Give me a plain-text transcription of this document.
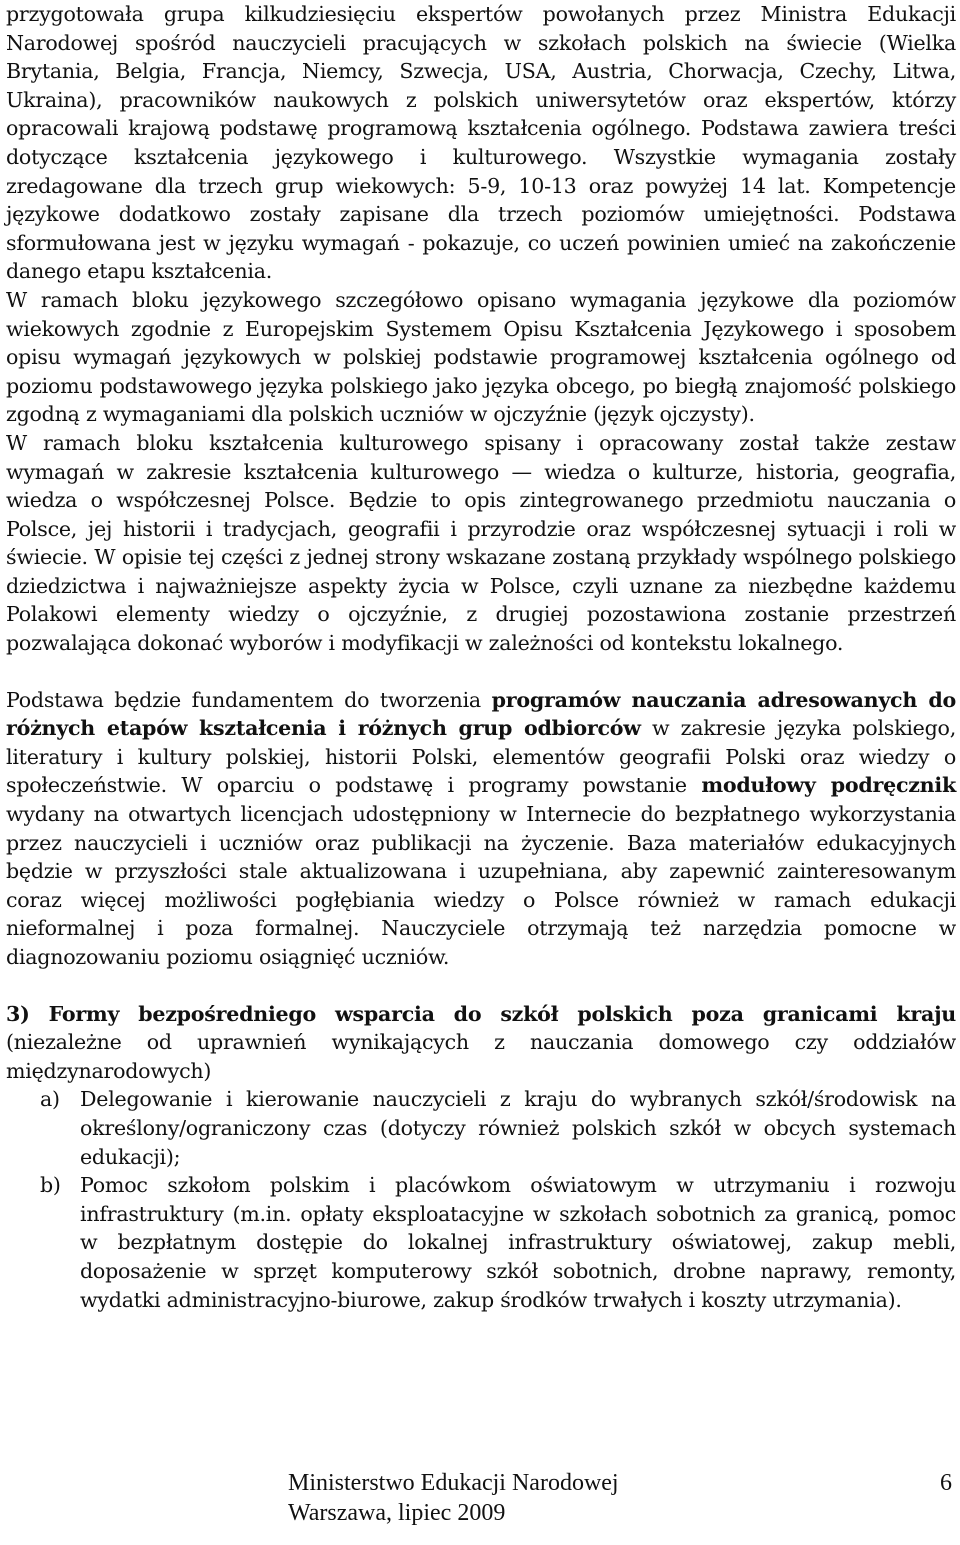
przygotowała grupa kilkudziesięciu ekspertów powołanych przez Ministra Edukacji Narodowej spośród nauczycieli pracujących w szkołach polskich na świecie (Wielka Brytania, Belgia, Francja, Niemcy, Szwecja, USA, Austria, Chorwacja, Czechy, Litwa, Ukraina), pracowników naukowych z polskich uniwersytetów oraz ekspertów, którzy opracowali krajową podstawę programową kształcenia ogólnego. Podstawa zawiera treści dotyczące kształcenia językowego i kulturowego. Wszystkie wymagania zostały zredagowane dla trzech grup wiekowych: 5-9, 10-13 oraz powyżej 14 lat. Kompetencje językowe dodatkowo zostały zapisane dla trzech poziomów umiejętności. Podstawa sformułowana jest w języku wymagań - pokazuje, co uczeń powinien umieć na zakończenie danego etapu kształcenia.

W ramach bloku językowego szczegółowo opisano wymagania językowe dla poziomów wiekowych zgodnie z Europejskim Systemem Opisu Kształcenia Językowego i sposobem opisu wymagań językowych w polskiej podstawie programowej kształcenia ogólnego od poziomu podstawowego języka polskiego jako języka obcego, po biegłą znajomość polskiego zgodną z wymaganiami dla polskich uczniów w ojczyźnie (język ojczysty).

W ramach bloku kształcenia kulturowego spisany i opracowany został także zestaw wymagań w zakresie kształcenia kulturowego — wiedza o kulturze, historia, geografia, wiedza o współczesnej Polsce. Będzie to opis zintegrowanego przedmiotu nauczania o Polsce, jej historii i tradycjach, geografii i przyrodzie oraz współczesnej sytuacji i roli w świecie. W opisie tej części z jednej strony wskazane zostaną przykłady wspólnego polskiego dziedzictwa i najważniejsze aspekty życia w Polsce, czyli uznane za niezbędne każdemu Polakowi elementy wiedzy o ojczyźnie, z drugiej pozostawiona zostanie przestrzeń pozwalająca dokonać wyborów i modyfikacji w zależności od kontekstu lokalnego.

Podstawa będzie fundamentem do tworzenia programów nauczania adresowanych do różnych etapów kształcenia i różnych grup odbiorców w zakresie języka polskiego, literatury i kultury polskiej, historii Polski, elementów geografii Polski oraz wiedzy o społeczeństwie. W oparciu o podstawę i programy powstanie modułowy podręcznik wydany na otwartych licencjach udostępniony w Internecie do bezpłatnego wykorzystania przez nauczycieli i uczniów oraz publikacji na życzenie. Baza materiałów edukacyjnych będzie w przyszłości stale aktualizowana i uzupełniana, aby zapewnić zainteresowanym coraz więcej możliwości pogłębiania wiedzy o Polsce również w ramach edukacji nieformalnej i poza formalnej. Nauczyciele otrzymają też narzędzia pomocne w diagnozowaniu poziomu osiągnięć uczniów.

3) Formy bezpośredniego wsparcia do szkół polskich poza granicami kraju (niezależne od uprawnień wynikających z nauczania domowego czy oddziałów międzynarodowych)

a) Delegowanie i kierowanie nauczycieli z kraju do wybranych szkół/środowisk na określony/ograniczony czas (dotyczy również polskich szkół w obcych systemach edukacji);
b) Pomoc szkołom polskim i placówkom oświatowym w utrzymaniu i rozwoju infrastruktury (m.in. opłaty eksploatacyjne w szkołach sobotnich za granicą, pomoc w bezpłatnym dostępie do lokalnej infrastruktury oświatowej, zakup mebli, doposażenie w sprzęt komputerowy szkół sobotnich, drobne naprawy, remonty, wydatki administracyjno-biurowe, zakup środków trwałych i koszty utrzymania).
Ministerstwo Edukacji Narodowej
Warszawa, lipiec 2009
6
